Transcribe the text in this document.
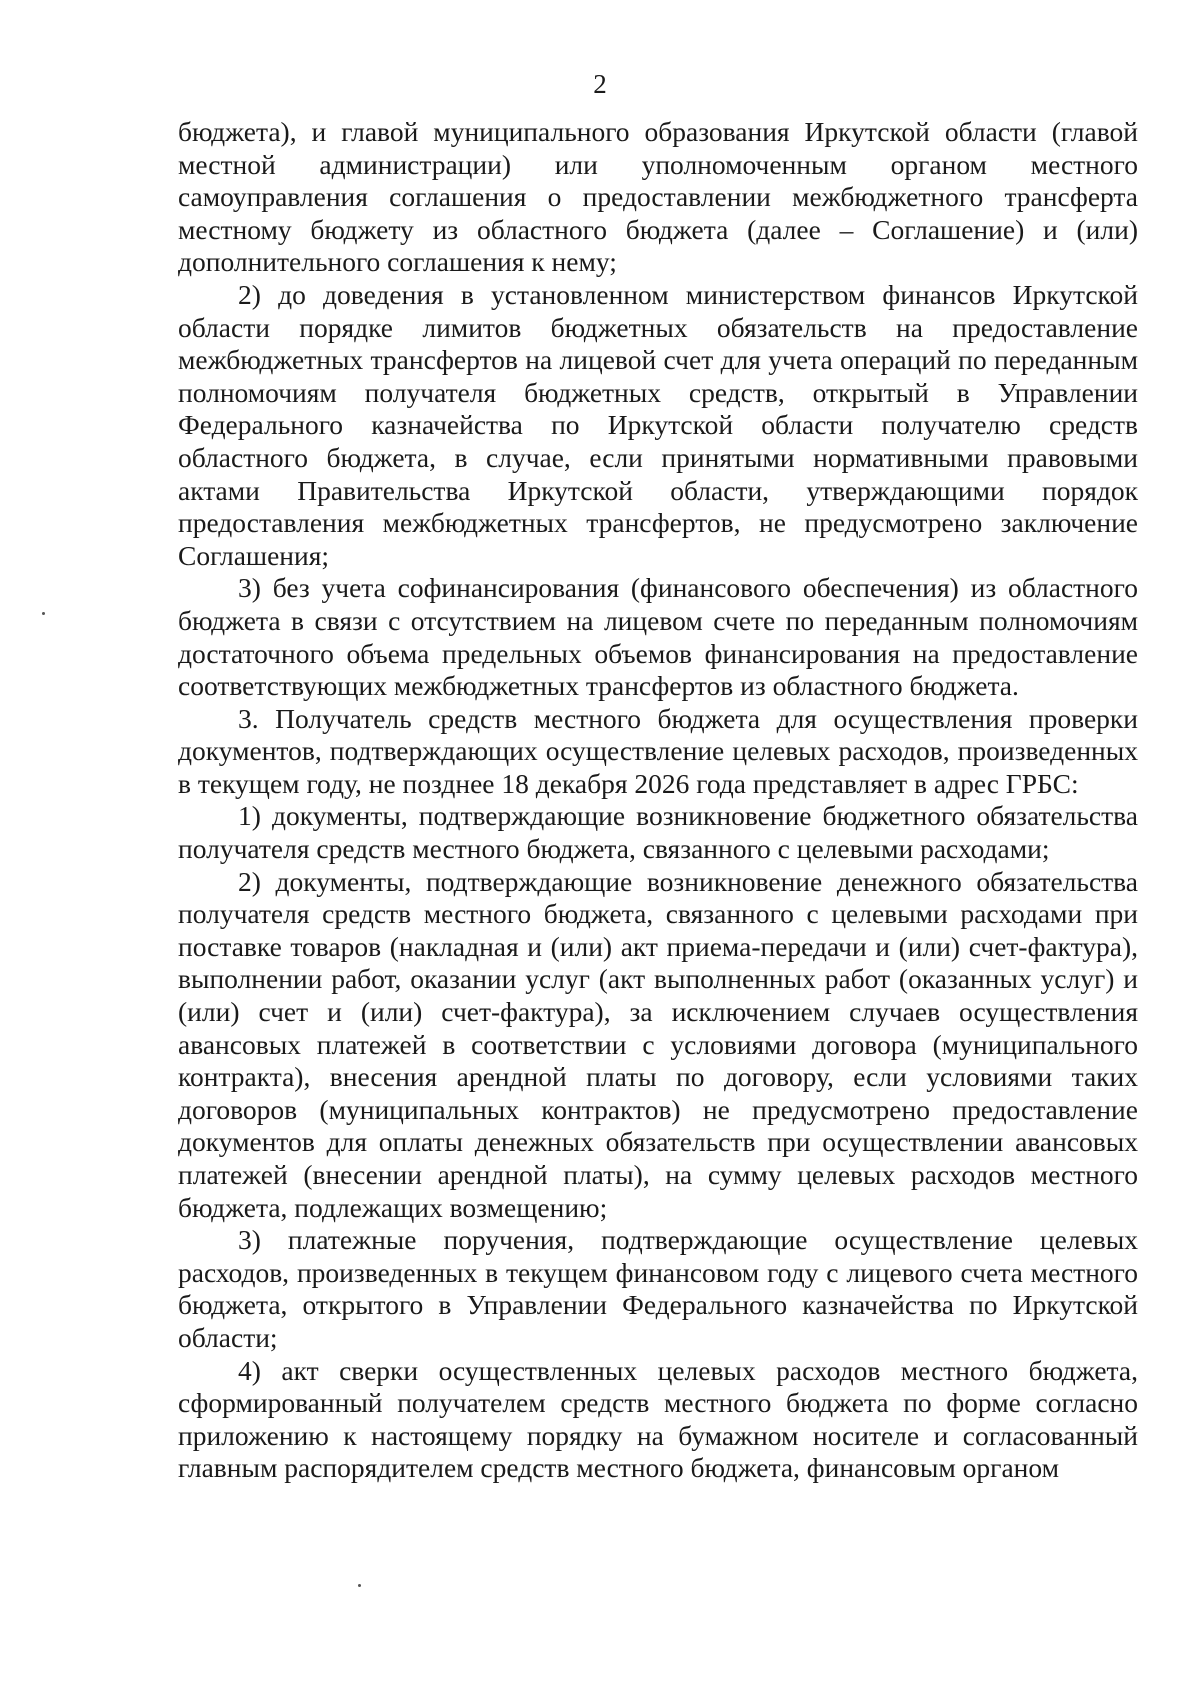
2

бюджета), и главой муниципального образования Иркутской области (главой местной администрации) или уполномоченным органом местного самоуправления соглашения о предоставлении межбюджетного трансферта местному бюджету из областного бюджета (далее – Соглашение) и (или) дополнительного соглашения к нему;

2) до доведения в установленном министерством финансов Иркутской области порядке лимитов бюджетных обязательств на предоставление межбюджетных трансфертов на лицевой счет для учета операций по переданным полномочиям получателя бюджетных средств, открытый в Управлении Федерального казначейства по Иркутской области получателю средств областного бюджета, в случае, если принятыми нормативными правовыми актами Правительства Иркутской области, утверждающими порядок предоставления межбюджетных трансфертов, не предусмотрено заключение Соглашения;

3) без учета софинансирования (финансового обеспечения) из областного бюджета в связи с отсутствием на лицевом счете по переданным полномочиям достаточного объема предельных объемов финансирования на предоставление соответствующих межбюджетных трансфертов из областного бюджета.

3. Получатель средств местного бюджета для осуществления проверки документов, подтверждающих осуществление целевых расходов, произведенных в текущем году, не позднее 18 декабря 2026 года представляет в адрес ГРБС:

1) документы, подтверждающие возникновение бюджетного обязательства получателя средств местного бюджета, связанного с целевыми расходами;

2) документы, подтверждающие возникновение денежного обязательства получателя средств местного бюджета, связанного с целевыми расходами при поставке товаров (накладная и (или) акт приема-передачи и (или) счет-фактура), выполнении работ, оказании услуг (акт выполненных работ (оказанных услуг) и (или) счет и (или) счет-фактура), за исключением случаев осуществления авансовых платежей в соответствии с условиями договора (муниципального контракта), внесения арендной платы по договору, если условиями таких договоров (муниципальных контрактов) не предусмотрено предоставление документов для оплаты денежных обязательств при осуществлении авансовых платежей (внесении арендной платы), на сумму целевых расходов местного бюджета, подлежащих возмещению;

3) платежные поручения, подтверждающие осуществление целевых расходов, произведенных в текущем финансовом году с лицевого счета местного бюджета, открытого в Управлении Федерального казначейства по Иркутской области;

4) акт сверки осуществленных целевых расходов местного бюджета, сформированный получателем средств местного бюджета по форме согласно приложению к настоящему порядку на бумажном носителе и согласованный главным распорядителем средств местного бюджета, финансовым органом
